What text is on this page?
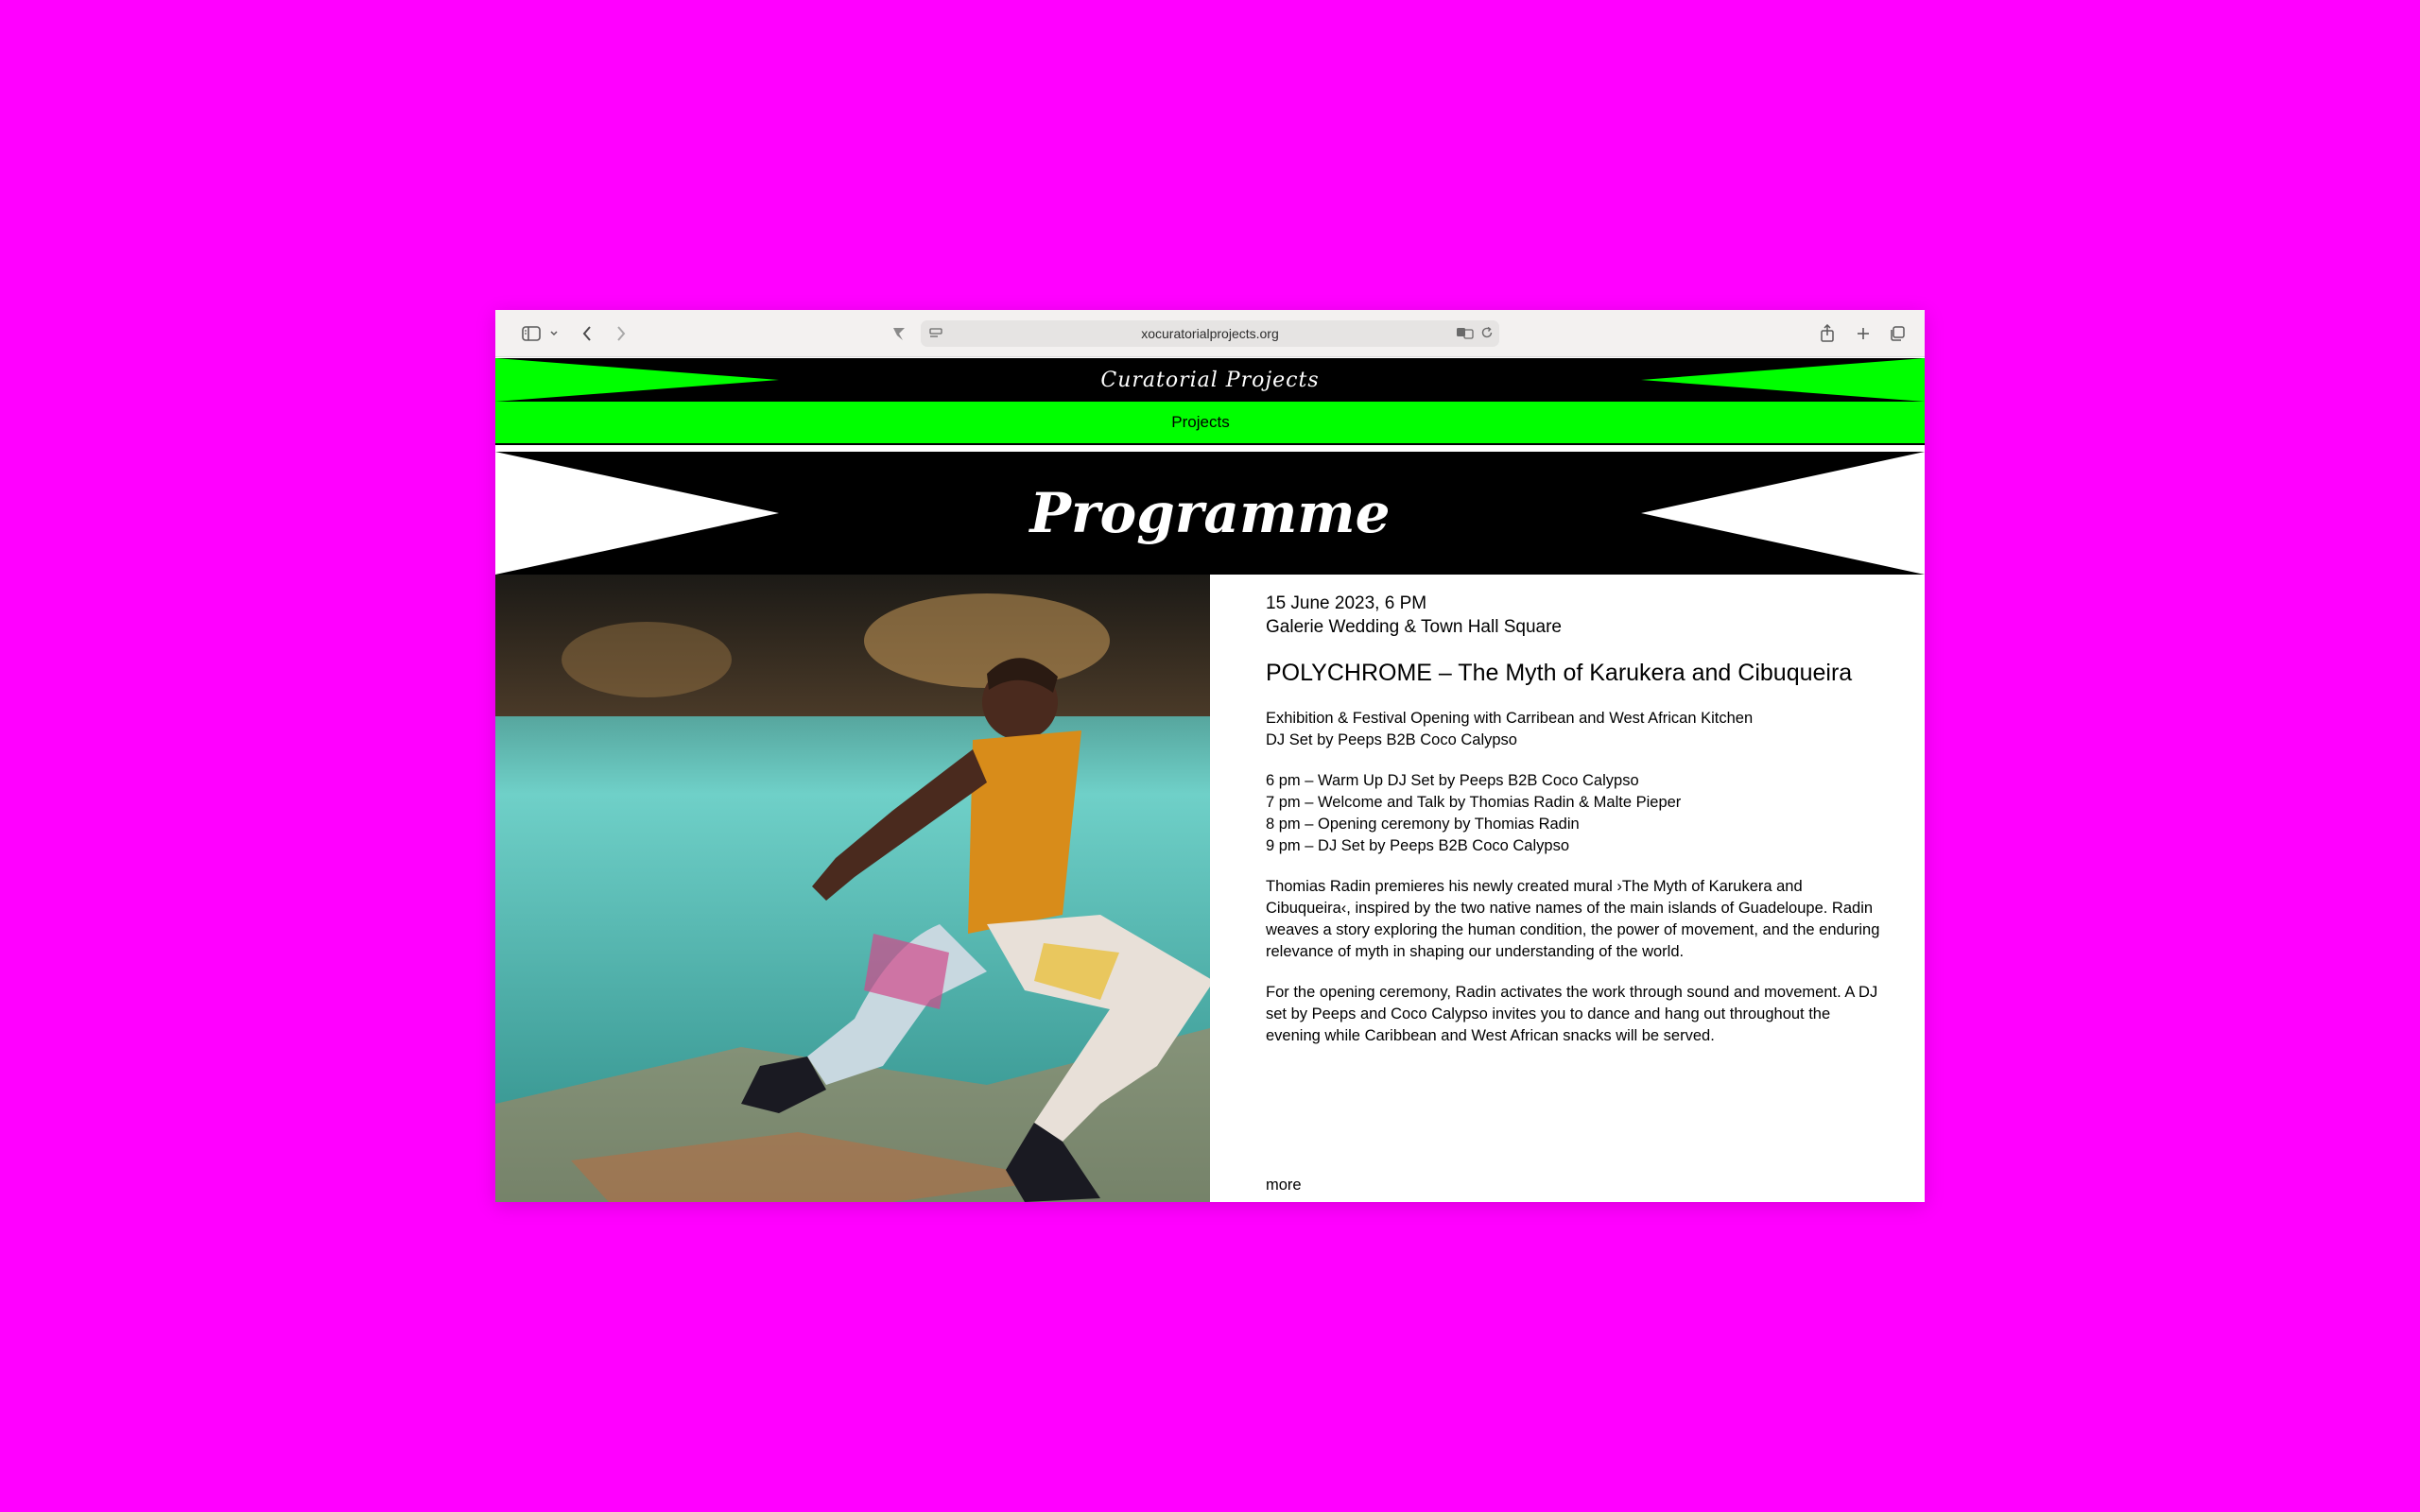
xocuratorialprojects.org
Curatorial Projects
Projects
Programme
15 June 2023, 6 PM
Galerie Wedding & Town Hall Square
POLYCHROME – The Myth of Karukera and Cibuqueira
Exhibition & Festival Opening with Carribean and West African Kitchen
DJ Set by Peeps B2B Coco Calypso
6 pm – Warm Up DJ Set by Peeps B2B Coco Calypso
7 pm – Welcome and Talk by Thomias Radin & Malte Pieper
8 pm – Opening ceremony by Thomias Radin
9 pm – DJ Set by Peeps B2B Coco Calypso

Thomias Radin premieres his newly created mural ›The Myth of Karukera and Cibuqueira‹, inspired by the two native names of the main islands of Guadeloupe. Radin weaves a story exploring the human condition, the power of movement, and the enduring relevance of myth in shaping our understanding of the world.

For the opening ceremony, Radin activates the work through sound and movement. A DJ set by Peeps and Coco Calypso invites you to dance and hang out throughout the evening while Caribbean and West African snacks will be served.

more
